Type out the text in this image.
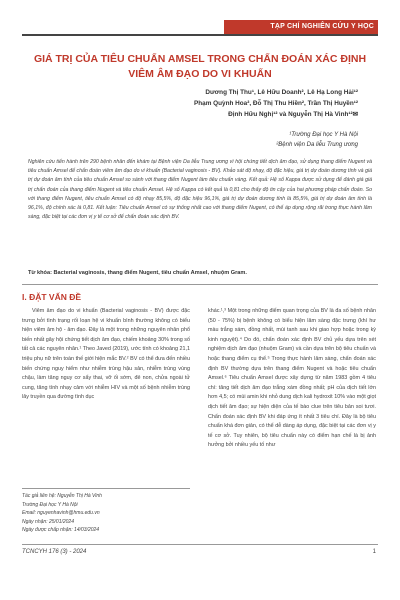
TẠP CHÍ NGHIÊN CỨU Y HỌC
GIÁ TRỊ CỦA TIÊU CHUẨN AMSEL TRONG CHẨN ĐOÁN XÁC ĐỊNH VIÊM ÂM ĐẠO DO VI KHUẨN
Dương Thị Thu¹, Lê Hữu Doanh², Lê Hạ Long Hải¹²
Phạm Quỳnh Hoa², Đỗ Thị Thu Hiền², Trần Thị Huyền¹²
Định Hữu Nghị¹² và Nguyễn Thị Hà Vinh¹²✉
¹Trường Đại học Y Hà Nội
²Bệnh viện Da liễu Trung ương
Nghiên cứu tiến hành trên 290 bệnh nhân đến khám tại Bệnh viện Da liễu Trung ương vì hội chứng tiết dịch âm đạo, sử dụng thang điểm Nugent và tiêu chuẩn Amsel để chẩn đoán viêm âm đạo do vi khuẩn (Bacterial vaginosis - BV). Khảo sát độ nhạy, độ đặc hiệu, giá trị dự đoán dương tính và giá trị dự đoán âm tính của tiêu chuẩn Amsel so sánh với thang điểm Nugent làm tiêu chuẩn vàng. Kết quả: Hệ số Kappa được sử dụng để đánh giá giá trị chẩn đoán của thang điểm Nugent và tiêu chuẩn Amsel. Hệ số Kappa có kết quả là 0,81 cho thấy độ tin cậy của hai phương pháp chẩn đoán. So với thang điểm Nugent, tiêu chuẩn Amsel có độ nhạy 85,5%, độ đặc hiệu 96,1%, giá trị dự đoán dương tính là 85,5%, giá trị dự đoán âm tính là 96,1%, độ chính xác là 0,81. Kết luận: Tiêu chuẩn Amsel có sự thống nhất cao với thang điểm Nugent, có thể áp dụng rộng rãi trong thực hành lâm sàng, đặc biệt tại các đơn vị y tế cơ sở để chẩn đoán xác định BV.
Từ khóa: Bacterial vaginosis, thang điểm Nugent, tiêu chuẩn Amsel, nhuộm Gram.
I. ĐẶT VẤN ĐỀ

Viêm âm đạo do vi khuẩn (Bacterial vaginosis - BV) được đặc trưng bởi tình trạng rối loạn hệ vi khuẩn bình thường không có biểu hiện viêm âm hộ - âm đạo. Đây là một trong những nguyên nhân phổ biến nhất gây hội chứng tiết dịch âm đạo, chiếm khoảng 30% trong số tất cả các nguyên nhân.¹ Theo Javed (2019), ước tính có khoảng 21,1 triệu phụ nữ trên toàn thế giới hiện mắc BV.² BV có thể đưa đến nhiều biến chứng nguy hiểm như nhiễm trùng hậu sản, nhiễm trùng vùng chậu, làm tăng nguy cơ sẩy thai, vỡ ối sớm, đẻ non, chửa ngoài tử cung, tăng tính nhạy cảm với nhiễm HIV và một số bệnh nhiễm trùng lây truyền qua đường tình dục

khác.¹,³ Một trong những điểm quan trọng của BV là đa số bệnh nhân (50 - 75%) bị bệnh không có biểu hiện lâm sàng đặc trưng (khí hư màu trắng xám, đồng nhất, mùi tanh sau khi giao hợp hoặc trong kỳ kinh nguyệt).⁴ Do đó, chẩn đoán xác định BV chủ yếu dựa trên xét nghiệm dịch âm đạo (nhuộm Gram) và cần dựa trên bộ tiêu chuẩn và hoặc thang điểm cụ thể.⁵ Trong thực hành lâm sàng, chẩn đoán xác định BV thường dựa trên thang điểm Nugent và hoặc tiêu chuẩn Amsel.⁶ Tiêu chuẩn Amsel được xây dựng từ năm 1983 gồm 4 tiêu chí: tăng tiết dịch âm đạo trắng xám đồng nhất; pH của dịch tiết lớn hơn 4,5; có mùi amin khi nhỏ dung dịch kali hydroxit 10% vào một giọt dịch tiết âm đạo; sự hiện diện của tế bào clue trên tiêu bản soi tươi. Chẩn đoán xác định BV khi đáp ứng ít nhất 3 tiêu chí. Đây là bộ tiêu chuẩn khá đơn giản, có thể dễ dàng áp dụng, đặc biệt tại các đơn vị y tế cơ sở. Tuy nhiên, bộ tiêu chuẩn này có điểm hạn chế là bị ảnh hưởng bởi nhiều yếu tố như

Tác giả liên hệ: Nguyễn Thị Hà Vinh
Trường Đại học Y Hà Nội
Email: nguyenhavinh@hmu.edu.vn
Ngày nhận: 25/01/2024
Ngày được chấp nhận: 14/03/2024
TCNCYH 176 (3) - 2024	1
